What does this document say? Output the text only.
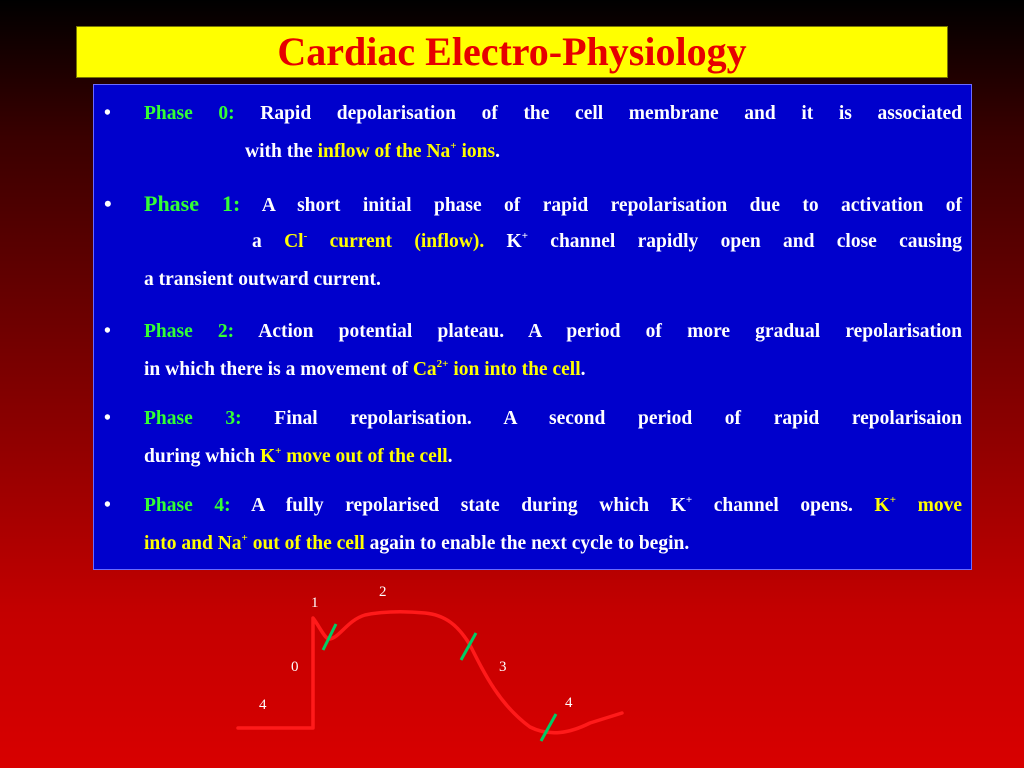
Cardiac Electro-Physiology
• Phase 0: Rapid depolarisation of the cell membrane and it is associated
with the inflow of the Na+ ions.
• Phase 1: A short initial phase of rapid repolarisation due to activation of
a Cl- current (inflow). K+ channel rapidly open and close causing
a transient outward current.
• Phase 2: Action potential plateau. A period of more gradual repolarisation
in which there is a movement of $Ca^{2+}$ ion into the cell.
• Phase 3: Final repolarisation. A second period of rapid repolarisaion
during which K+ move out of the cell.
• Phase 4: A fully repolarised state during which K+ channel opens. K+ move
into and Na+ out of the cell again to enable the next cycle to begin.
4
0
1
2
3
4
